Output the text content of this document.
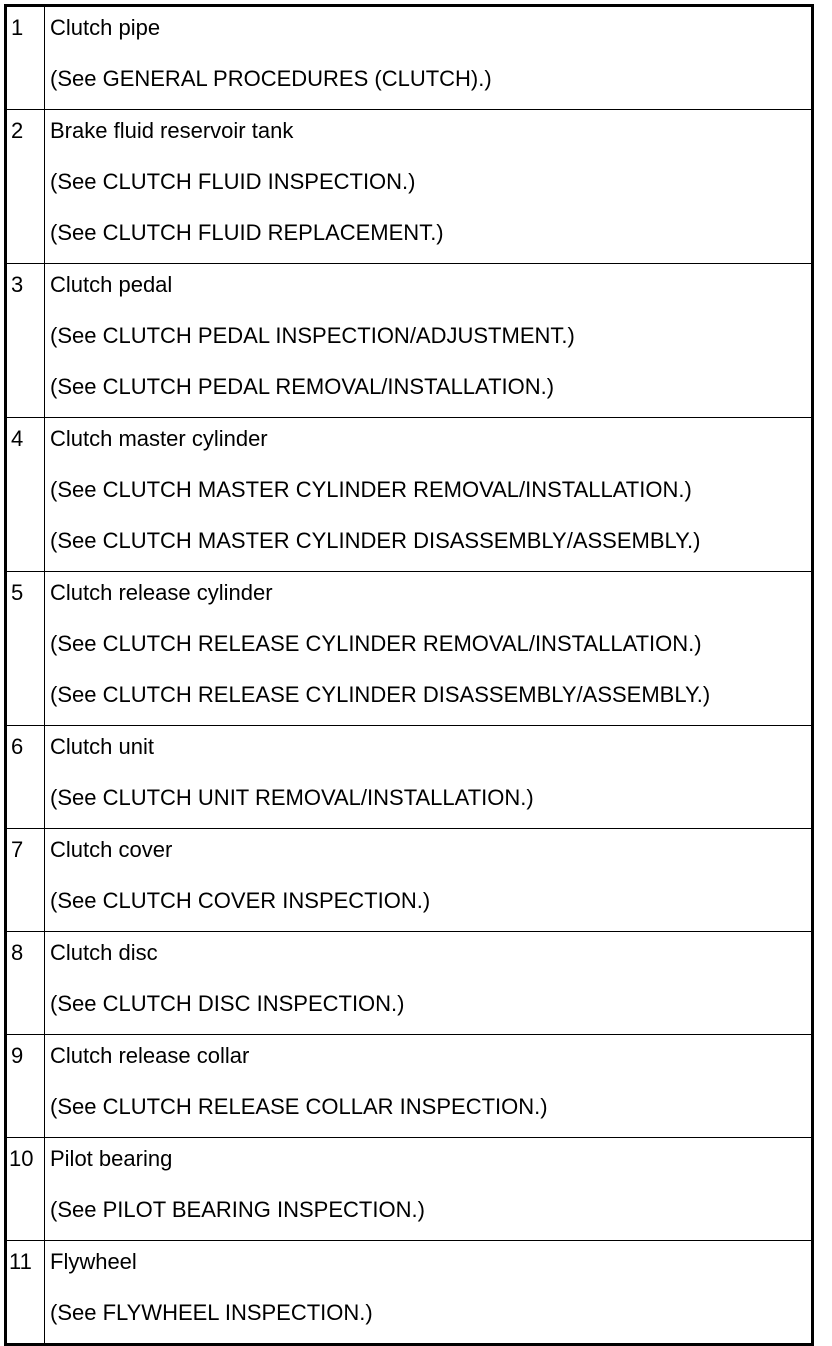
1	Clutch pipe
(See GENERAL PROCEDURES (CLUTCH).)
2	Brake fluid reservoir tank
(See CLUTCH FLUID INSPECTION.)
(See CLUTCH FLUID REPLACEMENT.)
3	Clutch pedal
(See CLUTCH PEDAL INSPECTION/ADJUSTMENT.)
(See CLUTCH PEDAL REMOVAL/INSTALLATION.)
4	Clutch master cylinder
(See CLUTCH MASTER CYLINDER REMOVAL/INSTALLATION.)
(See CLUTCH MASTER CYLINDER DISASSEMBLY/ASSEMBLY.)
5	Clutch release cylinder
(See CLUTCH RELEASE CYLINDER REMOVAL/INSTALLATION.)
(See CLUTCH RELEASE CYLINDER DISASSEMBLY/ASSEMBLY.)
6	Clutch unit
(See CLUTCH UNIT REMOVAL/INSTALLATION.)
7	Clutch cover
(See CLUTCH COVER INSPECTION.)
8	Clutch disc
(See CLUTCH DISC INSPECTION.)
9	Clutch release collar
(See CLUTCH RELEASE COLLAR INSPECTION.)
10 Pilot bearing
(See PILOT BEARING INSPECTION.)
11 Flywheel
(See FLYWHEEL INSPECTION.)
